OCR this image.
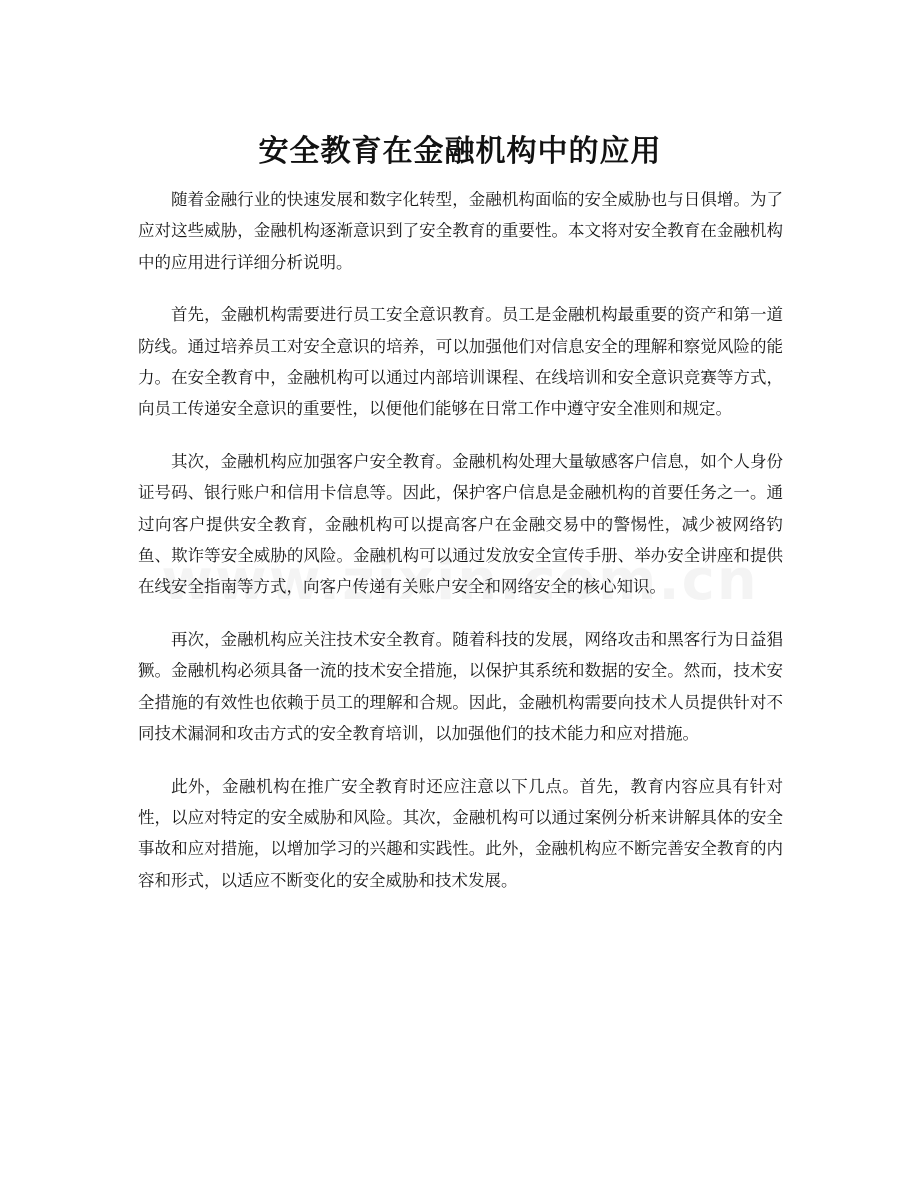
安全教育在金融机构中的应用

随着金融行业的快速发展和数字化转型，金融机构面临的安全威胁也与日俱增。为了应对这些威胁，金融机构逐渐意识到了安全教育的重要性。本文将对安全教育在金融机构中的应用进行详细分析说明。

首先，金融机构需要进行员工安全意识教育。员工是金融机构最重要的资产和第一道防线。通过培养员工对安全意识的培养，可以加强他们对信息安全的理解和察觉风险的能力。在安全教育中，金融机构可以通过内部培训课程、在线培训和安全意识竞赛等方式，向员工传递安全意识的重要性，以便他们能够在日常工作中遵守安全准则和规定。

其次，金融机构应加强客户安全教育。金融机构处理大量敏感客户信息，如个人身份证号码、银行账户和信用卡信息等。因此，保护客户信息是金融机构的首要任务之一。通过向客户提供安全教育，金融机构可以提高客户在金融交易中的警惕性，减少被网络钓鱼、欺诈等安全威胁的风险。金融机构可以通过发放安全宣传手册、举办安全讲座和提供在线安全指南等方式，向客户传递有关账户安全和网络安全的核心知识。

再次，金融机构应关注技术安全教育。随着科技的发展，网络攻击和黑客行为日益猖獗。金融机构必须具备一流的技术安全措施，以保护其系统和数据的安全。然而，技术安全措施的有效性也依赖于员工的理解和合规。因此，金融机构需要向技术人员提供针对不同技术漏洞和攻击方式的安全教育培训，以加强他们的技术能力和应对措施。

此外，金融机构在推广安全教育时还应注意以下几点。首先，教育内容应具有针对性，以应对特定的安全威胁和风险。其次，金融机构可以通过案例分析来讲解具体的安全事故和应对措施，以增加学习的兴趣和实践性。此外，金融机构应不断完善安全教育的内容和形式，以适应不断变化的安全威胁和技术发展。
